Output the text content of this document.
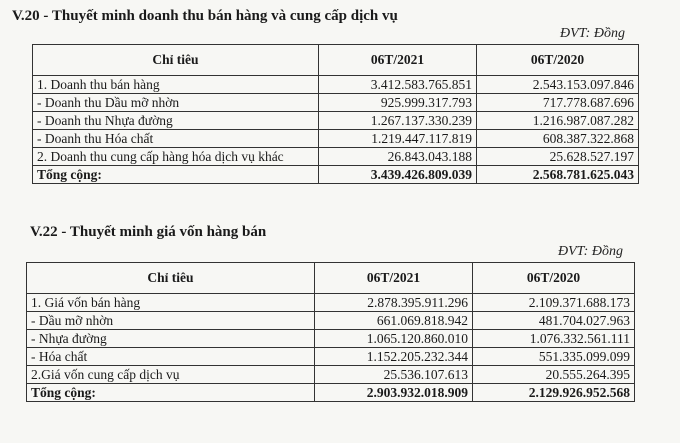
V.20 - Thuyết minh doanh thu bán hàng và cung cấp dịch vụ
ĐVT: Đồng
Chỉ tiêu	06T/2021	06T/2020
1. Doanh thu bán hàng	3.412.583.765.851	2.543.153.097.846
- Doanh thu Dầu mỡ nhờn	925.999.317.793	717.778.687.696
- Doanh thu Nhựa đường	1.267.137.330.239	1.216.987.087.282
- Doanh thu Hóa chất	1.219.447.117.819	608.387.322.868
2. Doanh thu cung cấp hàng hóa dịch vụ khác	26.843.043.188	25.628.527.197
Tổng cộng:	3.439.426.809.039	2.568.781.625.043
V.22 - Thuyết minh giá vốn hàng bán
ĐVT: Đồng
Chỉ tiêu	06T/2021	06T/2020
1. Giá vốn bán hàng	2.878.395.911.296	2.109.371.688.173
- Dầu mỡ nhờn	661.069.818.942	481.704.027.963
- Nhựa đường	1.065.120.860.010	1.076.332.561.111
- Hóa chất	1.152.205.232.344	551.335.099.099
2.Giá vốn cung cấp dịch vụ	25.536.107.613	20.555.264.395
Tổng cộng:	2.903.932.018.909	2.129.926.952.568
